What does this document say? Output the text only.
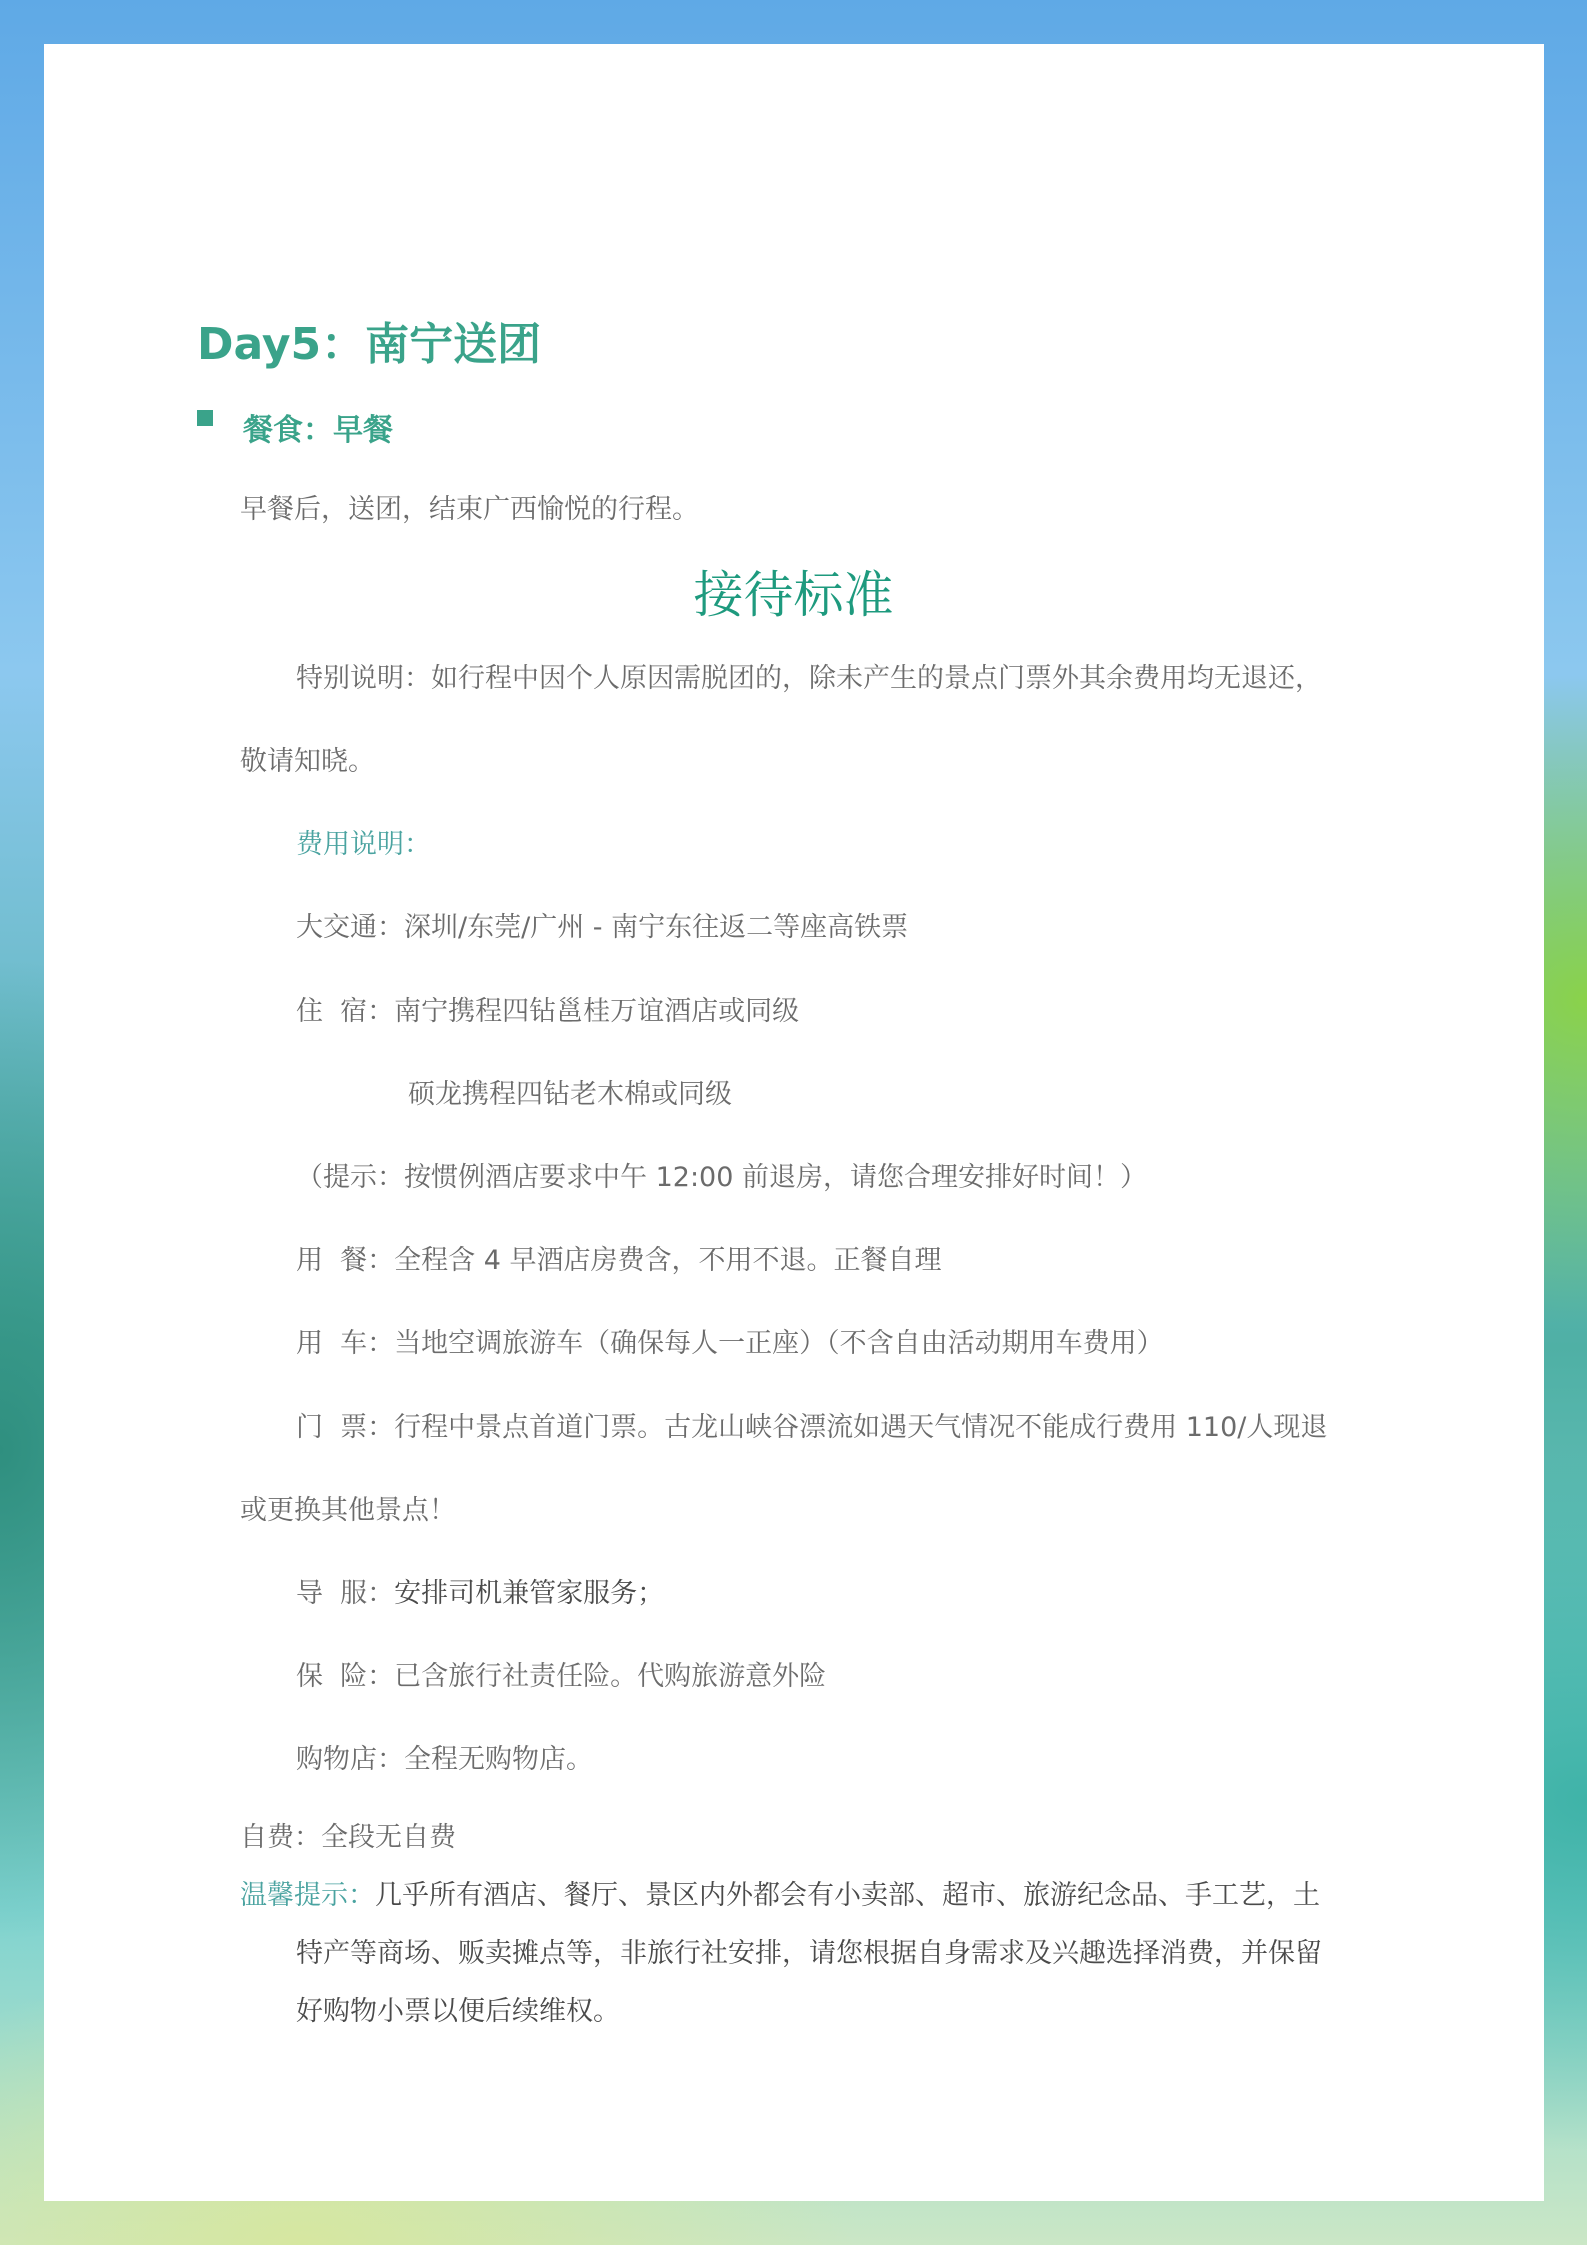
Day5：南宁送团
餐食：早餐
早餐后，送团，结束广西愉悦的行程。
接待标准
特别说明：如行程中因个人原因需脱团的，除未产生的景点门票外其余费用均无退还，
敬请知晓。
费用说明：
大交通：深圳/东莞/广州 - 南宁东往返二等座高铁票
住  宿：南宁携程四钻邕桂万谊酒店或同级
硕龙携程四钻老木棉或同级
（提示：按惯例酒店要求中午 12:00 前退房，请您合理安排好时间！）
用  餐：全程含 4 早酒店房费含，不用不退。正餐自理
用  车：当地空调旅游车（确保每人一正座）（不含自由活动期用车费用）
门  票：行程中景点首道门票。古龙山峡谷漂流如遇天气情况不能成行费用 110/人现退
或更换其他景点！
导  服：安排司机兼管家服务；
保  险：已含旅行社责任险。代购旅游意外险
购物店：全程无购物店。
自费：全段无自费
温馨提示：几乎所有酒店、餐厅、景区内外都会有小卖部、超市、旅游纪念品、手工艺，土
特产等商场、贩卖摊点等，非旅行社安排，请您根据自身需求及兴趣选择消费，并保留
好购物小票以便后续维权。
